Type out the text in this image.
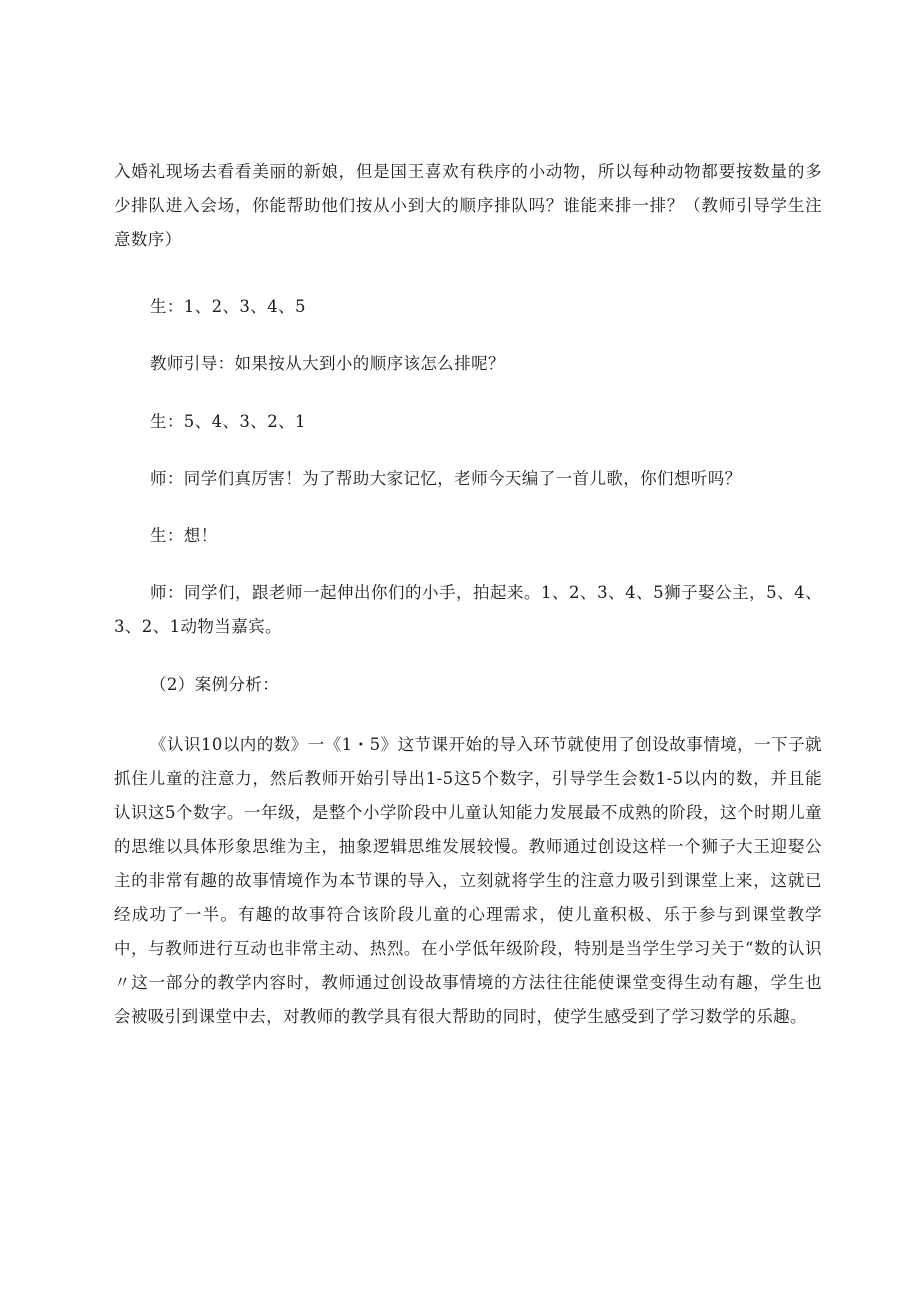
入婚礼现场去看看美丽的新娘，但是国王喜欢有秩序的小动物，所以每种动物都要按数量的多少排队进入会场，你能帮助他们按从小到大的顺序排队吗？谁能来排一排？（教师引导学生注意数序）

生：1、2、3、4、5

教师引导：如果按从大到小的顺序该怎么排呢？

生：5、4、3、2、1

师：同学们真厉害！为了帮助大家记忆，老师今天编了一首儿歌，你们想听吗？

生：想！

师：同学们，跟老师一起伸出你们的小手，拍起来。1、2、3、4、5狮子娶公主，5、4、3、2、1动物当嘉宾。

（2）案例分析：

《认识10以内的数》一《1・5》这节课开始的导入环节就使用了创设故事情境，一下子就抓住儿童的注意力，然后教师开始引导出1-5这5个数字，引导学生会数1-5以内的数，并且能认识这5个数字。一年级，是整个小学阶段中儿童认知能力发展最不成熟的阶段，这个时期儿童的思维以具体形象思维为主，抽象逻辑思维发展较慢。教师通过创设这样一个狮子大王迎娶公主的非常有趣的故事情境作为本节课的导入，立刻就将学生的注意力吸引到课堂上来，这就已经成功了一半。有趣的故事符合该阶段儿童的心理需求，使儿童积极、乐于参与到课堂教学中，与教师进行互动也非常主动、热烈。在小学低年级阶段，特别是当学生学习关于“数的认识〃这一部分的教学内容时，教师通过创设故事情境的方法往往能使课堂变得生动有趣，学生也会被吸引到课堂中去，对教师的教学具有很大帮助的同时，使学生感受到了学习数学的乐趣。
